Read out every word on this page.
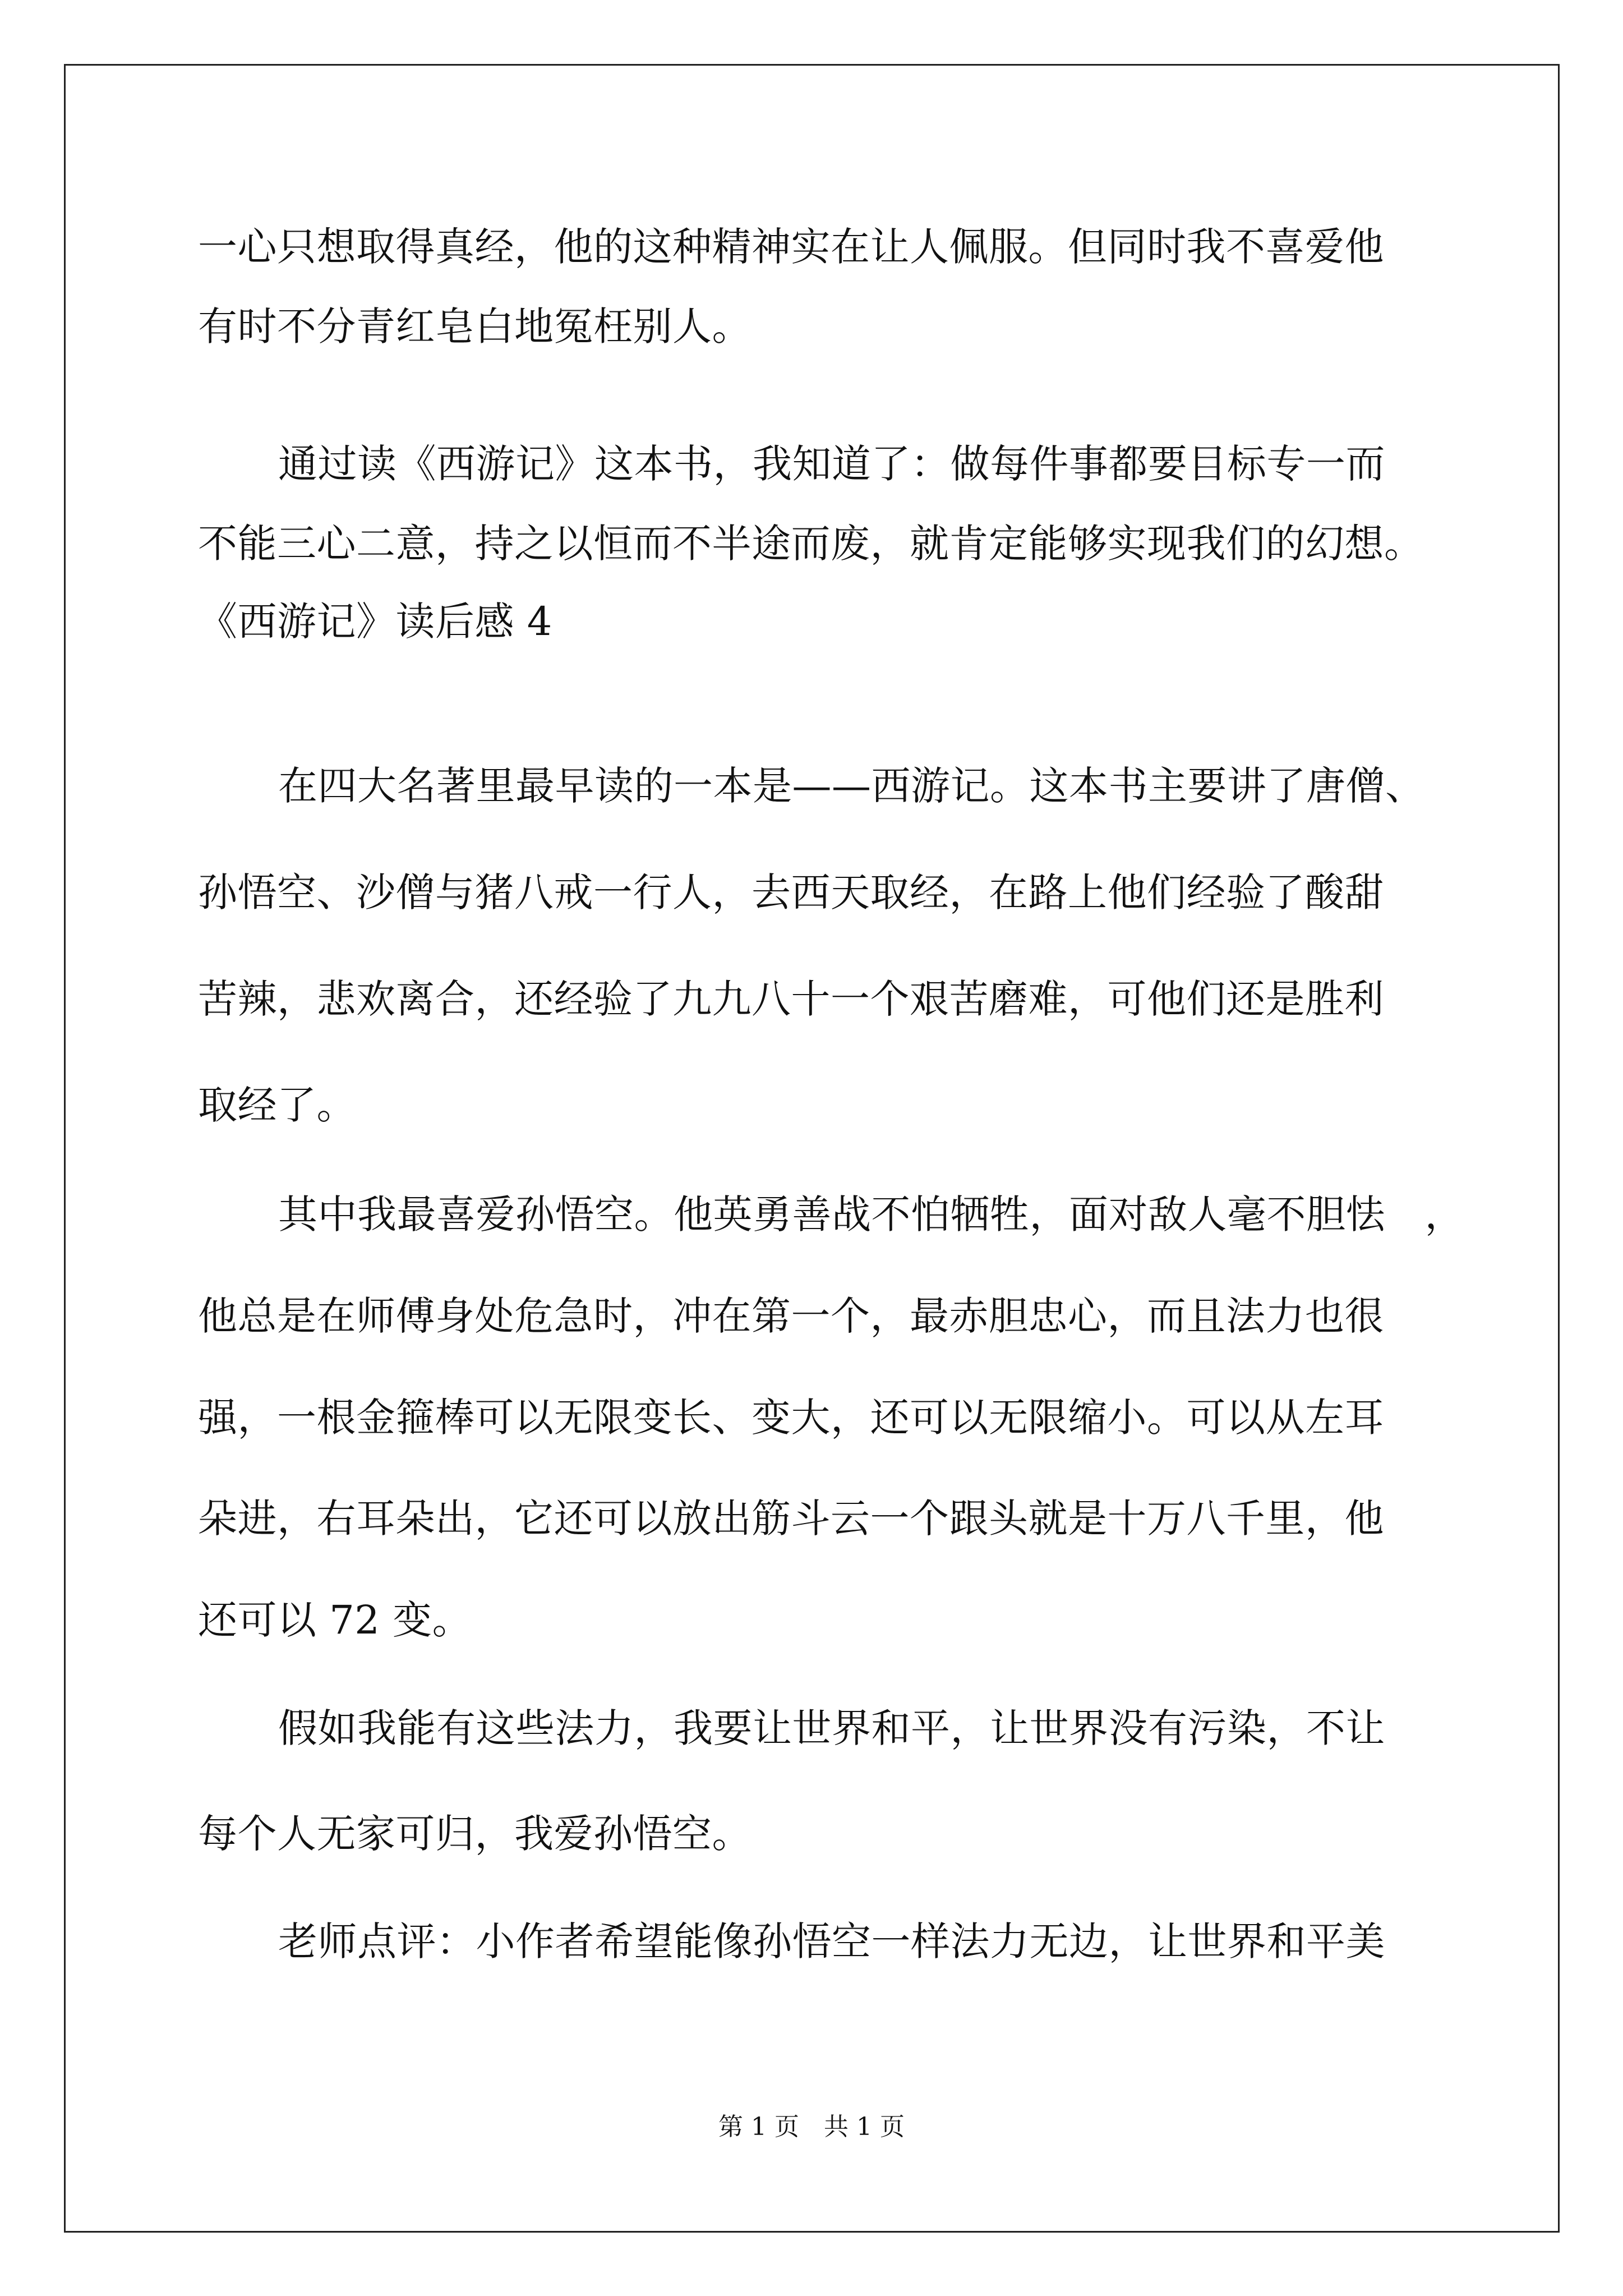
一心只想取得真经，他的这种精神实在让人佩服。但同时我不喜爱他
有时不分青红皂白地冤枉别人。
通过读《西游记》这本书，我知道了：做每件事都要目标专一而
不能三心二意，持之以恒而不半途而废，就肯定能够实现我们的幻想。
《西游记》读后感 4
在四大名著里最早读的一本是——西游记。这本书主要讲了唐僧、
孙悟空、沙僧与猪八戒一行人，去西天取经，在路上他们经验了酸甜
苦辣，悲欢离合，还经验了九九八十一个艰苦磨难，可他们还是胜利
取经了。
其中我最喜爱孙悟空。他英勇善战不怕牺牲，面对敌人毫不胆怯　，
他总是在师傅身处危急时，冲在第一个，最赤胆忠心，而且法力也很
强，一根金箍棒可以无限变长、变大，还可以无限缩小。可以从左耳
朵进，右耳朵出，它还可以放出筋斗云一个跟头就是十万八千里，他
还可以 72 变。
假如我能有这些法力，我要让世界和平，让世界没有污染，不让
每个人无家可归，我爱孙悟空。
老师点评：小作者希望能像孙悟空一样法力无边，让世界和平美
第 1 页　共 1 页
